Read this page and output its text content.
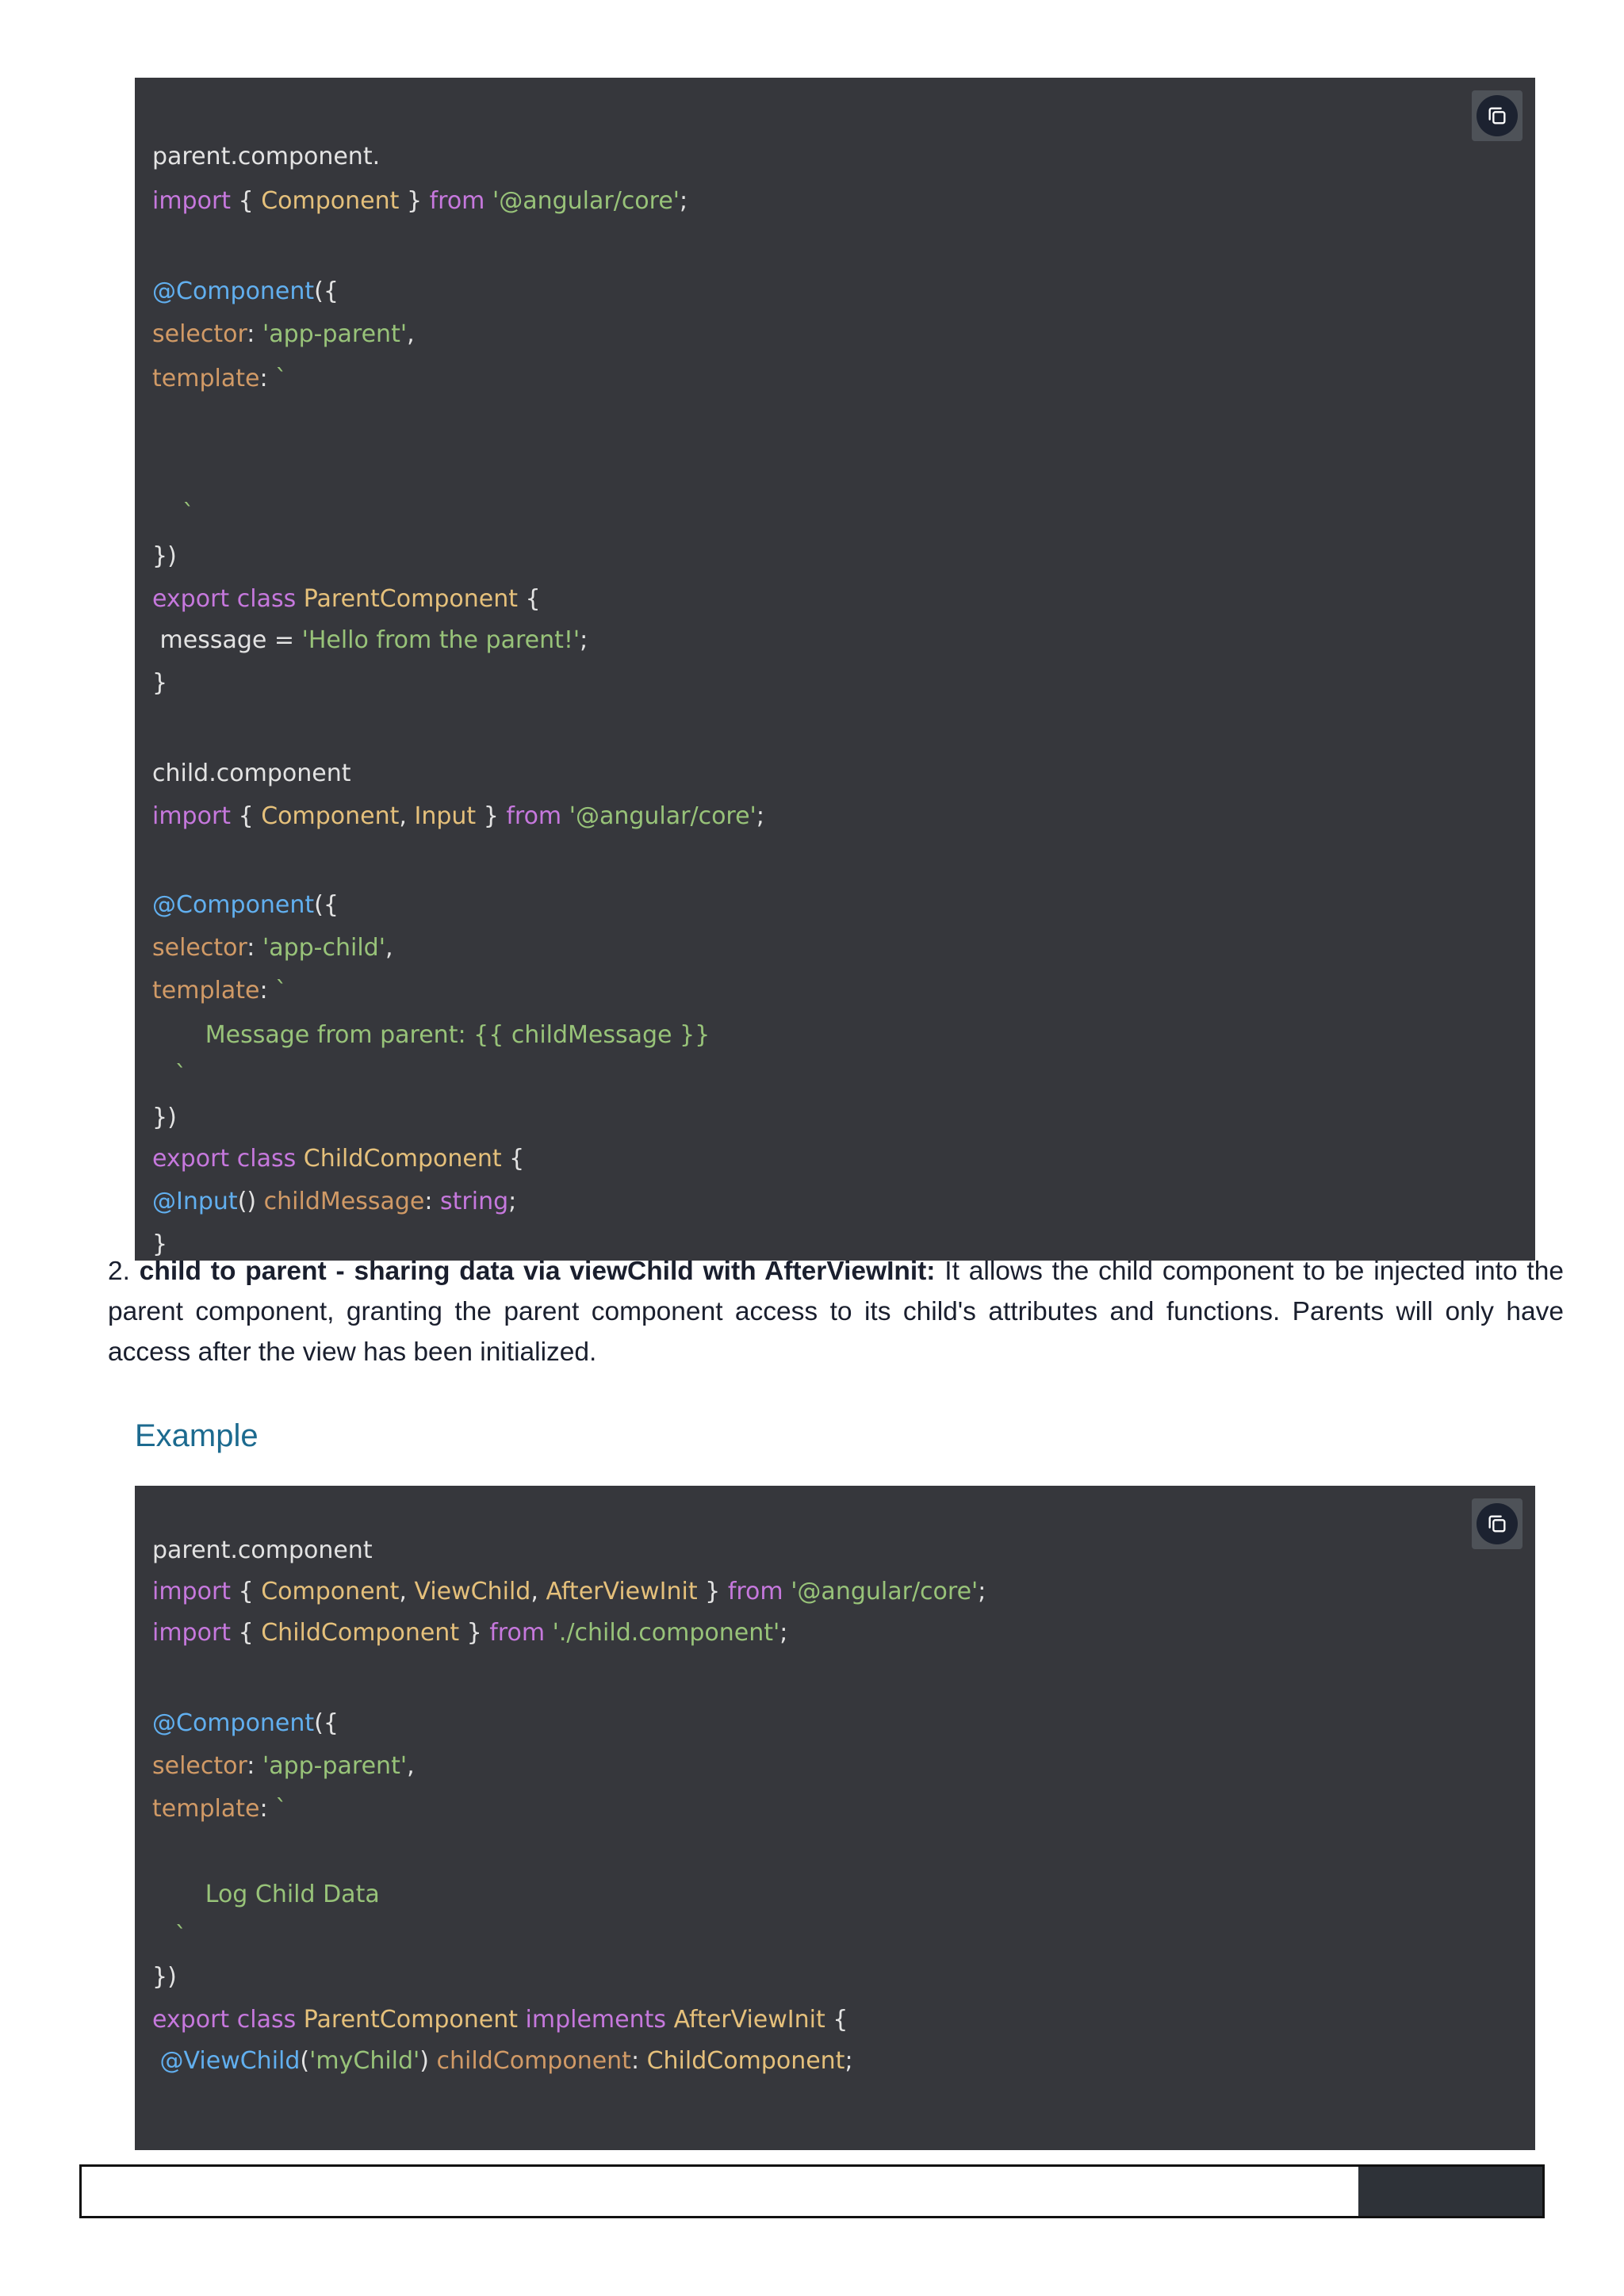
parent.component.
import { Component } from '@angular/core';
@Component({
selector: 'app-parent',
template: `
`
})
export class ParentComponent {
message = 'Hello from the parent!';
}
child.component
import { Component, Input } from '@angular/core';
@Component({
selector: 'app-child',
template: `
Message from parent: {{ childMessage }}
`
})
export class ChildComponent {
@Input() childMessage: string;
}
2. child to parent - sharing data via viewChild with AfterViewInit: It allows the child component to be injected into the parent component, granting the parent component access to its child's attributes and functions. Parents will only have access after the view has been initialized.
Example
parent.component
import { Component, ViewChild, AfterViewInit } from '@angular/core';
import { ChildComponent } from './child.component';
@Component({
selector: 'app-parent',
template: `
Log Child Data
`
})
export class ParentComponent implements AfterViewInit {
@ViewChild('myChild') childComponent: ChildComponent;
